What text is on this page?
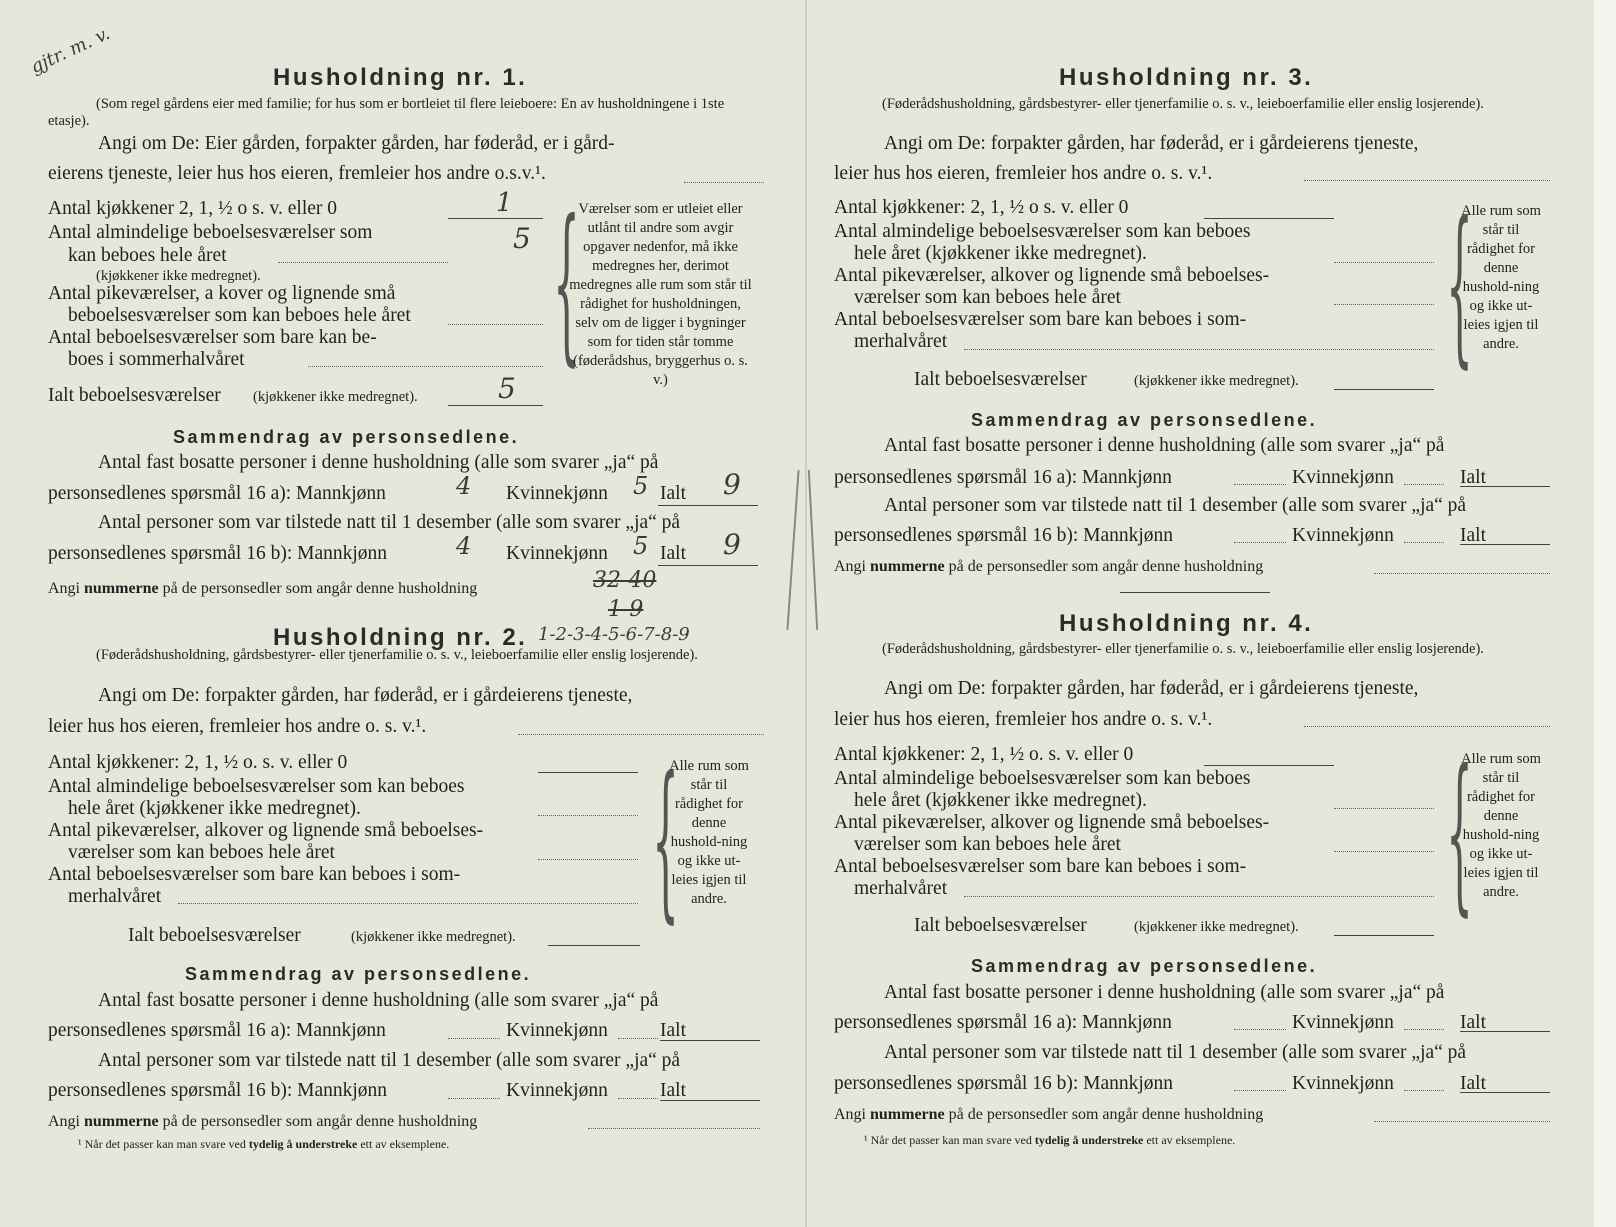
gjtr. m. v.	Husholdning nr. 1.
(Som regel gårdens eier med familie; for hus som er bortleiet til flere leieboere: En av husholdningene i 1ste etasje).
Angi om De: Eier gården, forpakter gården, har føderåd, er i gård-
eierens tjeneste, leier hus hos eieren, fremleier hos andre o.s.v.¹.
Antal kjøkkener 2, 1, ½ o s. v. eller 0	1
Antal almindelige beboelsesværelser som
kan beboes hele året
(kjøkkener ikke medregnet).
5
Antal pikeværelser, a kover og lignende små
beboelsesværelser som kan beboes hele året
Antal beboelsesværelser som bare kan be-
boes i sommerhalvåret
Ialt beboelsesværelser (kjøkkener ikke medregnet).	5
{
Værelser som er utleiet eller utlånt til andre som avgir opgaver nedenfor, må ikke medregnes her, derimot medregnes alle rum som står til rådighet for husholdningen, selv om de ligger i bygninger som for tiden står tomme (føderådshus, bryggerhus o. s. v.)
Sammendrag av personsedlene.
Antal fast bosatte personer i denne husholdning (alle som svarer „ja“ på
personsedlenes spørsmål 16 a): Mannkjønn	4 Kvinnekjønn 5 Ialt 9
Antal personer som var tilstede natt til 1 desember (alle som svarer „ja“ på
personsedlenes spørsmål 16 b): Mannkjønn	4 Kvinnekjønn 5 Ialt 9
Angi nummerne på de personsedler som angår denne husholdning	32-40
1-9
Husholdning nr. 2. 1-2-3-4-5-6-7-8-9
(Føderådshusholdning, gårdsbestyrer- eller tjenerfamilie o. s. v., leieboerfamilie eller enslig losjerende).
Angi om De: forpakter gården, har føderåd, er i gårdeierens tjeneste,
leier hus hos eieren, fremleier hos andre o. s. v.¹.
Antal kjøkkener: 2, 1, ½ o. s. v. eller 0
Antal almindelige beboelsesværelser som kan beboes
hele året (kjøkkener ikke medregnet).
Antal pikeværelser, alkover og lignende små beboelses-
værelser som kan beboes hele året
Antal beboelsesværelser som bare kan beboes i som-
merhalvåret
Ialt beboelsesværelser	(kjøkkener ikke medregnet). {
Alle rum som står til rådighet for denne hushold-ning og ikke ut-leies igjen til andre.
Sammendrag av personsedlene.
Antal fast bosatte personer i denne husholdning (alle som svarer „ja“ på
personsedlenes spørsmål 16 a): Mannkjønn	Kvinnekjønn	Ialt
Antal personer som var tilstede natt til 1 desember (alle som svarer „ja“ på
personsedlenes spørsmål 16 b): Mannkjønn	Kvinnekjønn	Ialt
Angi nummerne på de personsedler som angår denne husholdning
¹ Når det passer kan man svare ved tydelig å understreke ett av eksemplene.
Husholdning nr. 3.
(Føderådshusholdning, gårdsbestyrer- eller tjenerfamilie o. s. v., leieboerfamilie eller enslig losjerende).
Angi om De: forpakter gården, har føderåd, er i gårdeierens tjeneste,
leier hus hos eieren, fremleier hos andre o. s. v.¹.
Antal kjøkkener: 2, 1, ½ o s. v. eller 0
Antal almindelige beboelsesværelser som kan beboes
hele året (kjøkkener ikke medregnet).
Antal pikeværelser, alkover og lignende små beboelses-
værelser som kan beboes hele året
Antal beboelsesværelser som bare kan beboes i som-
merhalvåret
Ialt beboelsesværelser	(kjøkkener ikke medregnet). {
Alle rum som står til rådighet for denne hushold-ning og ikke ut-leies igjen til andre.
Sammendrag av personsedlene.
Antal fast bosatte personer i denne husholdning (alle som svarer „ja“ på
personsedlenes spørsmål 16 a): Mannkjønn	Kvinnekjønn	Ialt
Antal personer som var tilstede natt til 1 desember (alle som svarer „ja“ på
personsedlenes spørsmål 16 b): Mannkjønn	Kvinnekjønn	Ialt
Angi nummerne på de personsedler som angår denne husholdning
Husholdning nr. 4.
(Føderådshusholdning, gårdsbestyrer- eller tjenerfamilie o. s. v., leieboerfamilie eller enslig losjerende).
Angi om De: forpakter gården, har føderåd, er i gårdeierens tjeneste,
leier hus hos eieren, fremleier hos andre o. s. v.¹.
Antal kjøkkener: 2, 1, ½ o. s. v. eller 0
Antal almindelige beboelsesværelser som kan beboes
hele året (kjøkkener ikke medregnet).
Antal pikeværelser, alkover og lignende små beboelses-
værelser som kan beboes hele året
Antal beboelsesværelser som bare kan beboes i som-
merhalvåret
Ialt beboelsesværelser	(kjøkkener ikke medregnet). {
Alle rum som står til rådighet for denne hushold-ning og ikke ut-leies igjen til andre.
Sammendrag av personsedlene.
Antal fast bosatte personer i denne husholdning (alle som svarer „ja“ på
personsedlenes spørsmål 16 a): Mannkjønn	Kvinnekjønn	Ialt
Antal personer som var tilstede natt til 1 desember (alle som svarer „ja“ på
personsedlenes spørsmål 16 b): Mannkjønn	Kvinnekjønn	Ialt
Angi nummerne på de personsedler som angår denne husholdning
¹ Når det passer kan man svare ved tydelig å understreke ett av eksemplene.
